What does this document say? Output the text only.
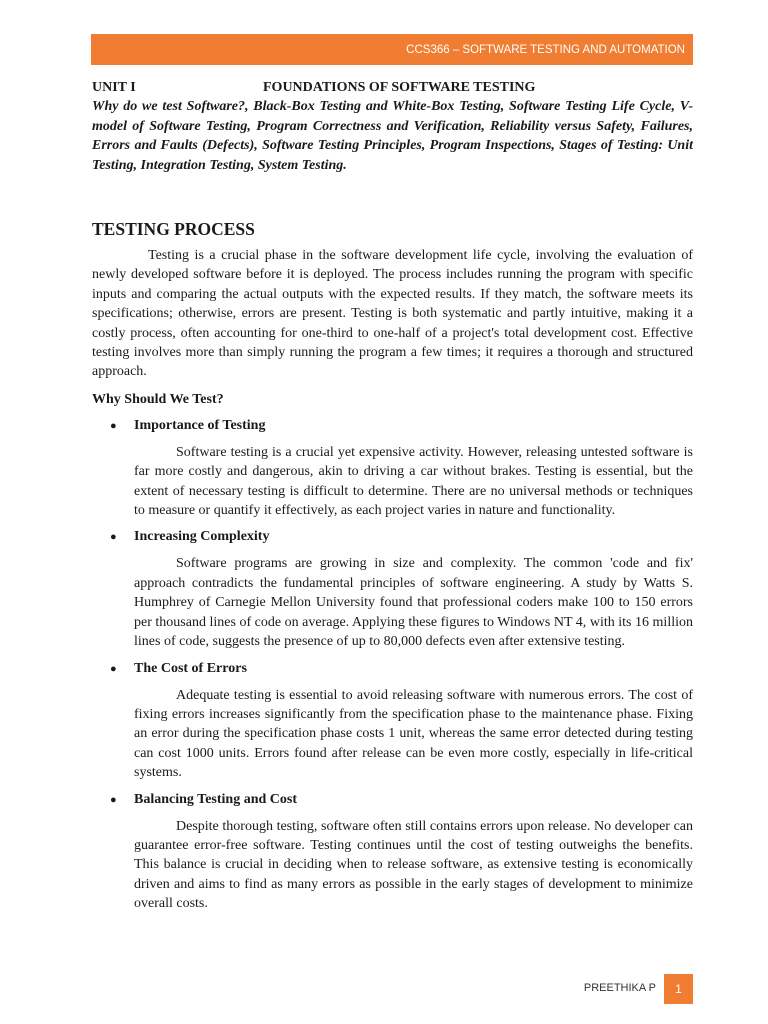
CCS366 – SOFTWARE TESTING AND AUTOMATION
UNIT I	FOUNDATIONS OF SOFTWARE TESTING

Why do we test Software?, Black-Box Testing and White-Box Testing, Software Testing Life Cycle, V-model of Software Testing, Program Correctness and Verification, Reliability versus Safety, Failures, Errors and Faults (Defects), Software Testing Principles, Program Inspections, Stages of Testing: Unit Testing, Integration Testing, System Testing.

TESTING PROCESS

Testing is a crucial phase in the software development life cycle, involving the evaluation of newly developed software before it is deployed. The process includes running the program with specific inputs and comparing the actual outputs with the expected results. If they match, the software meets its specifications; otherwise, errors are present. Testing is both systematic and partly intuitive, making it a costly process, often accounting for one-third to one-half of a project's total development cost. Effective testing involves more than simply running the program a few times; it requires a thorough and structured approach.

Why Should We Test?
●	Importance of Testing

Software testing is a crucial yet expensive activity. However, releasing untested software is far more costly and dangerous, akin to driving a car without brakes. Testing is essential, but the extent of necessary testing is difficult to determine. There are no universal methods or techniques to measure or quantify it effectively, as each project varies in nature and functionality.

●	Increasing Complexity

Software programs are growing in size and complexity. The common 'code and fix' approach contradicts the fundamental principles of software engineering. A study by Watts S. Humphrey of Carnegie Mellon University found that professional coders make 100 to 150 errors per thousand lines of code on average. Applying these figures to Windows NT 4, with its 16 million lines of code, suggests the presence of up to 80,000 defects even after extensive testing.

●	The Cost of Errors

Adequate testing is essential to avoid releasing software with numerous errors. The cost of fixing errors increases significantly from the specification phase to the maintenance phase. Fixing an error during the specification phase costs 1 unit, whereas the same error detected during testing can cost 1000 units. Errors found after release can be even more costly, especially in life-critical systems.

●	Balancing Testing and Cost

Despite thorough testing, software often still contains errors upon release. No developer can guarantee error-free software. Testing continues until the cost of testing outweighs the benefits. This balance is crucial in deciding when to release software, as extensive testing is economically driven and aims to find as many errors as possible in the early stages of development to minimize overall costs.

PREETHIKA P	1
